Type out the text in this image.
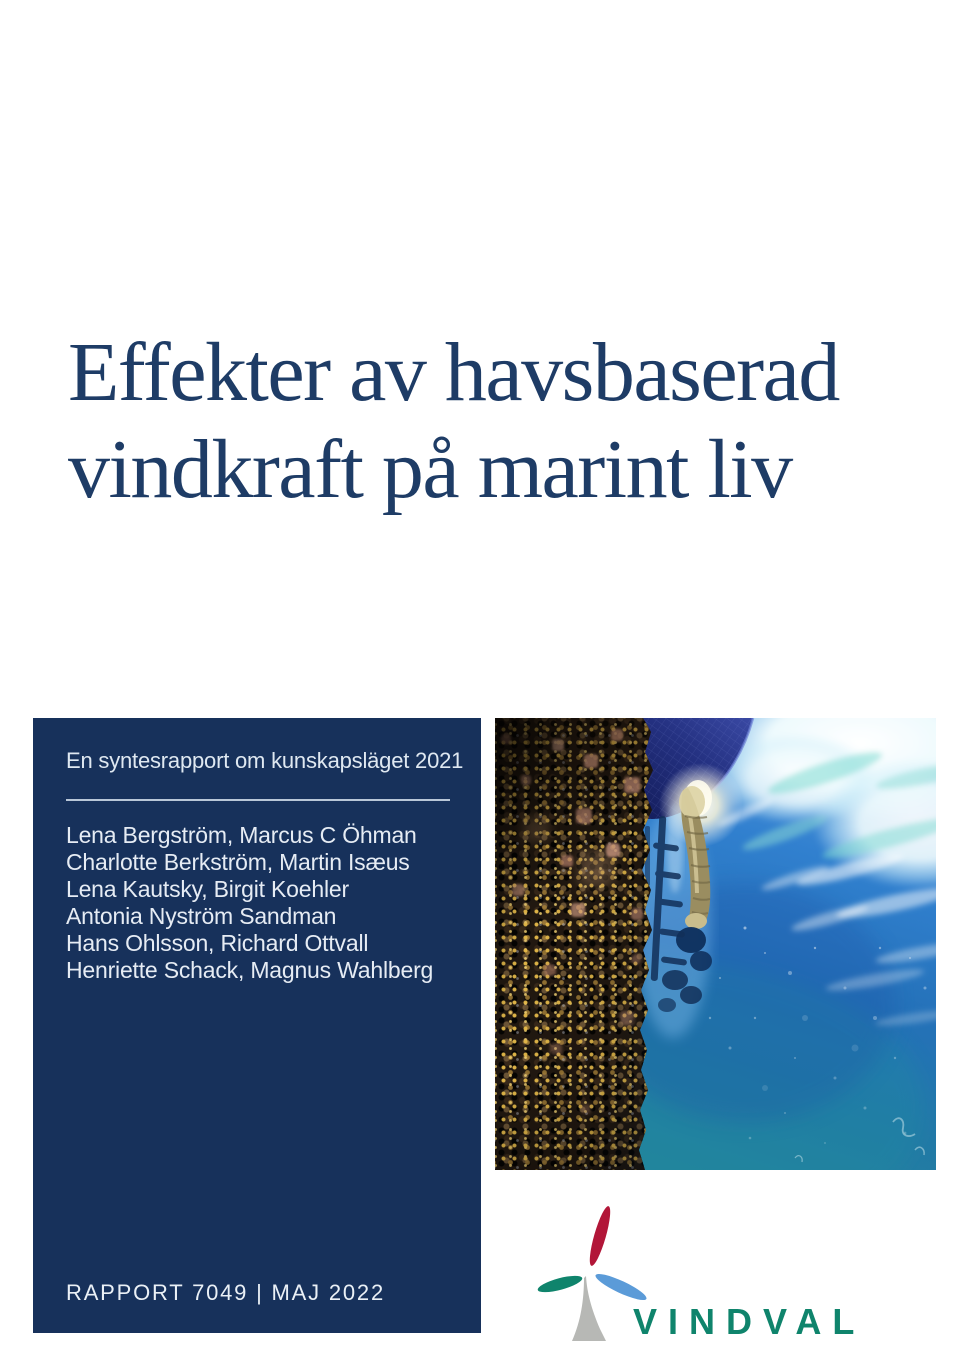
Effekter av havsbaserad
vindkraft på marint liv
En syntesrapport om kunskapsläget 2021
Lena Bergström, Marcus C Öhman
Charlotte Berkström, Martin Isæus
Lena Kautsky, Birgit Koehler
Antonia Nyström Sandman
Hans Ohlsson, Richard Ottvall
Henriette Schack, Magnus Wahlberg
RAPPORT 7049 | MAJ 2022
VINDVAL
